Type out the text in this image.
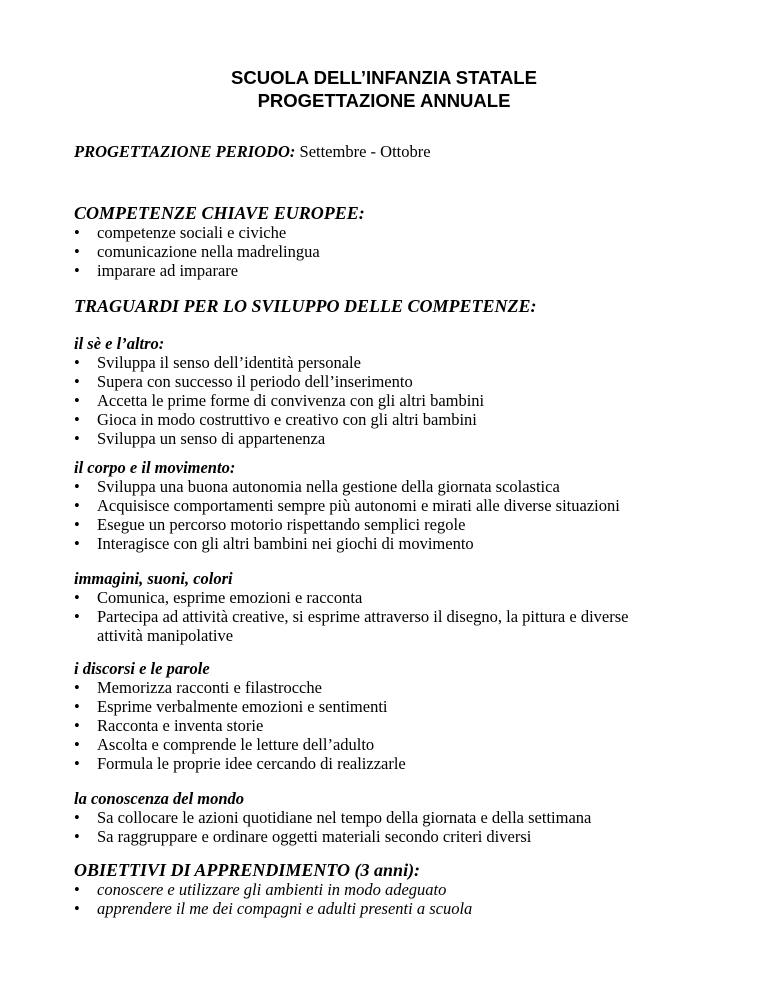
SCUOLA DELL’INFANZIA STATALE
PROGETTAZIONE ANNUALE
PROGETTAZIONE PERIODO: Settembre - Ottobre
COMPETENZE CHIAVE EUROPEE:
•	competenze sociali e civiche
•	comunicazione nella madrelingua
•	imparare ad imparare
TRAGUARDI PER LO SVILUPPO DELLE COMPETENZE:
il sè e l’altro:
•	Sviluppa il senso dell’identità personale
•	Supera con successo il periodo dell’inserimento
•	Accetta le prime forme di convivenza con gli altri bambini
•	Gioca in modo costruttivo e creativo con gli altri bambini
•	Sviluppa un senso di appartenenza
il corpo e il movimento:
•	Sviluppa una buona autonomia nella gestione della giornata scolastica
•	Acquisisce comportamenti sempre più autonomi e mirati alle diverse situazioni
•	Esegue un percorso motorio rispettando semplici regole
•	Interagisce con gli altri bambini nei giochi di movimento
immagini, suoni, colori
•	Comunica, esprime emozioni e racconta
•	Partecipa ad attività creative, si esprime attraverso il disegno, la pittura e diverse
attività manipolative
i discorsi e le parole
•	Memorizza racconti e filastrocche
•	Esprime verbalmente emozioni e sentimenti
•	Racconta e inventa storie
•	Ascolta e comprende le letture dell’adulto
•	Formula le proprie idee cercando di realizzarle
la conoscenza del mondo
•	Sa collocare le azioni quotidiane nel tempo della giornata e della settimana
•	Sa raggruppare e ordinare oggetti materiali secondo criteri diversi
OBIETTIVI DI APPRENDIMENTO (3 anni):
•	conoscere e utilizzare gli ambienti in modo adeguato
•	apprendere il me dei compagni e adulti presenti a scuola
